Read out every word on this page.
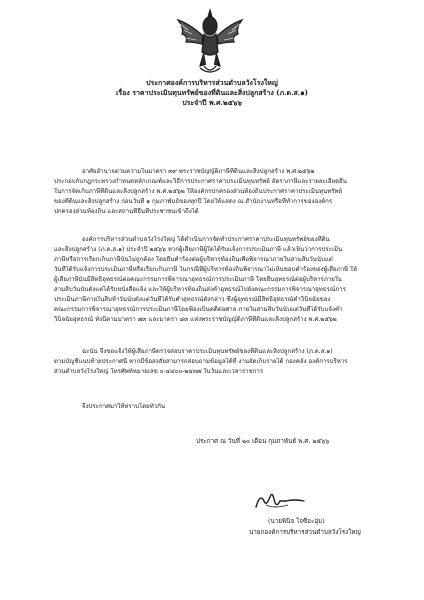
ประกาศองค์การบริหารส่วนตำบลวังโรงใหญ่
เรื่อง ราคาประเมินทุนทรัพย์ของที่ดินและสิ่งปลูกสร้าง (ภ.ด.ส.๑)
ประจำปี พ.ศ.๒๕๖๖
อาศัยอำนาจตามความในมาตรา ๓๙ พระราชบัญญัติภาษีที่ดินและสิ่งปลูกสร้าง พ.ศ.๒๕๖๒
ประกอบกับกฎกระทรวงกำหนดหลักเกณฑ์และวิธีการประกาศราคาประเมินทุนทรัพย์ อัตราภาษีและรายละเอียดอื่น
ในการจัดเก็บภาษีที่ดินและสิ่งปลูกสร้าง พ.ศ.๒๕๖๒ ให้องค์กรปกครองส่วนท้องถิ่นประกาศราคาประเมินทุนทรัพย์
ของที่ดินและสิ่งปลูกสร้าง ก่อนวันที่ ๑ กุมภาพันธ์ของทุกปี โดยให้แสดง ณ สำนักงานหรือที่ทำการขององค์กร
ปกครองส่วนท้องถิ่น และสถานที่อื่นที่ประชาชนเข้าถึงได้
องค์การบริหารส่วนตำบลวังโรงใหญ่ ได้ดำเนินการจัดทำประกาศราคาประเมินทุนทรัพย์ของที่ดิน
และสิ่งปลูกสร้าง (ภ.ด.ส.๑) ประจำปี ๒๕๖๖ หากผู้เสียภาษีผู้ใดได้รับแจ้งการประเมินภาษี แล้วเห็นว่าการประเมิน
ภาษีหรือการเรียกเก็บภาษีนั้นไม่ถูกต้อง โดยยื่นคำร้องต่อผู้บริหารท้องถิ่นเพื่อพิจารณาภายในสามสิบวันนับแต่
วันที่ได้รับแจ้งการประเมินภาษีหรือเรียกเก็บภาษี ในกรณีที่ผู้บริหารท้องถิ่นพิจารณาไม่เห็นชอบคำร้องของผู้เสียภาษี ให้
ผู้เสียภาษีนั้นมีสิทธิอุทธรณ์ต่อคณะกรรมการพิจารณาอุทธรณ์การประเมินภาษี โดยยื่นอุทธรณ์ต่อผู้บริหารภายใน
สามสิบวันนับตั้งแต่ได้รับหนังสือแจ้ง และให้ผู้บริหารท้องถิ่นส่งคำอุทธรณ์ไปยังคณะกรรมการพิจารณาอุทธรณ์การ
ประเมินภาษีภายในสิบห้าวันนับตั้งแต่วันที่ได้รับคำอุทธรณ์ดังกล่าว ซึ่งผู้อุทธรณ์มีสิทธิอุทธรณ์คำวินิจฉัยของ
คณะกรรมการพิจารณาอุทธรณ์การประเมินภาษีโดยฟ้องเป็นคดีต่อศาล ภายในสามสิบวันนับแต่วันที่ได้รับแจ้งคำ
วินิจฉัยอุทธรณ์ ทั้งนี้ตามมาตรา ๗๓ และมาตรา ๘๓ แห่งพระราชบัญญัติภาษีที่ดินและสิ่งปลูกสร้าง พ.ศ.๒๕๖๒
ฉะนั้น จึงขอแจ้งให้ผู้เสียภาษีตรวจสอบราคาประเมินทุนทรัพย์ของที่ดินและสิ่งปลูกสร้าง (ภ.ด.ส.๑)
ตามบัญชีแนบท้ายประกาศนี้ หากมีข้อสงสัยสามารถสอบถามข้อมูลได้ที่ งานจัดเก็บรายได้ กองคลัง องค์การบริหาร
ส่วนตำบลวังโรงใหญ่ โทรศัพท์หมายเลข ๐-๔๔๐๐-๒๔๓๗ ในวันและเวลาราชการ
จึงประกาศมาให้ทราบโดยทั่วกัน
ประกาศ ณ วันที่ ๒๐ เดือน กุมภาพันธ์ พ.ศ. ๒๕๖๖
(นายพินิจ ใจซื่อะอุ่ม)
นายกองค์การบริหารส่วนตำบลวังโรงใหญ่
